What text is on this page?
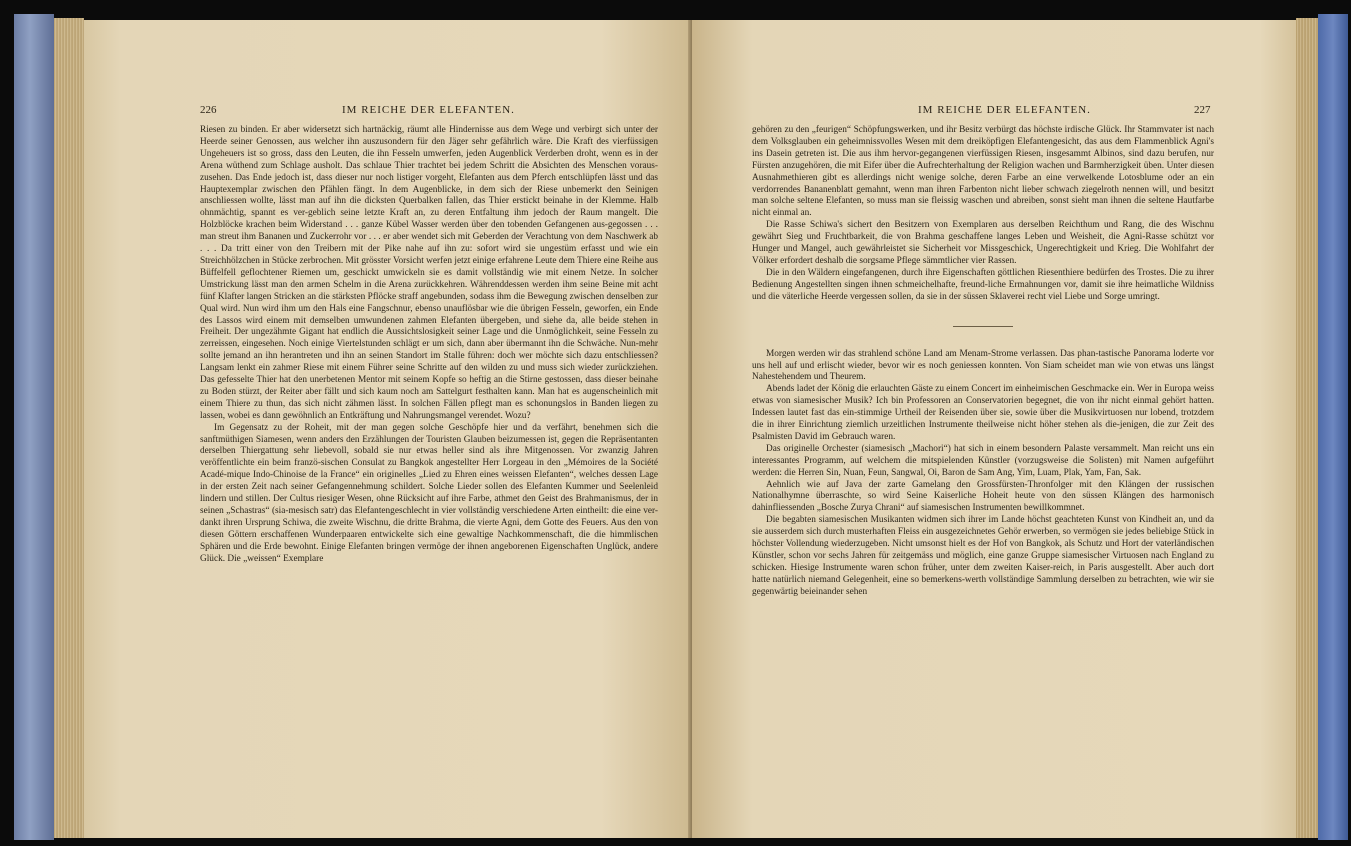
226	IM REICHE DER ELEFANTEN.

Riesen zu binden. Er aber widersetzt sich hartnäckig, räumt alle Hindernisse aus dem Wege und verbirgt sich unter der Heerde seiner Genossen, aus welcher ihn auszusondern für den Jäger sehr gefährlich wäre. Die Kraft des vierfüssigen Ungeheuers ist so gross, dass den Leuten, die ihn Fesseln umwerfen, jeden Augenblick Verderben droht, wenn es in der Arena wüthend zum Schlage ausholt. Das schlaue Thier trachtet bei jedem Schritt die Absichten des Menschen voraus-zusehen. Das Ende jedoch ist, dass dieser nur noch listiger vorgeht, Elefanten aus dem Pferch entschlüpfen lässt und das Hauptexemplar zwischen den Pfählen fängt. In dem Augenblicke, in dem sich der Riese unbemerkt den Seinigen anschliessen wollte, lässt man auf ihn die dicksten Querbalken fallen, das Thier erstickt beinahe in der Klemme. Halb ohnmächtig, spannt es ver-geblich seine letzte Kraft an, zu deren Entfaltung ihm jedoch der Raum mangelt. Die Holzblöcke krachen beim Widerstand . . . ganze Kübel Wasser werden über den tobenden Gefangenen aus-gegossen . . . man streut ihm Bananen und Zuckerrohr vor . . . er aber wendet sich mit Geberden der Verachtung von dem Naschwerk ab . . . Da tritt einer von den Treibern mit der Pike nahe auf ihn zu: sofort wird sie ungestüm erfasst und wie ein Streichhölzchen in Stücke zerbrochen. Mit grösster Vorsicht werfen jetzt einige erfahrene Leute dem Thiere eine Reihe aus Büffelfell geflochtener Riemen um, geschickt umwickeln sie es damit vollständig wie mit einem Netze. In solcher Umstrickung lässt man den armen Schelm in die Arena zurückkehren. Währenddessen werden ihm seine Beine mit acht fünf Klafter langen Stricken an die stärksten Pflöcke straff angebunden, sodass ihm die Bewegung zwischen denselben zur Qual wird. Nun wird ihm um den Hals eine Fangschnur, ebenso unauflösbar wie die übrigen Fesseln, geworfen, ein Ende des Lassos wird einem mit demselben umwundenen zahmen Elefanten übergeben, und siehe da, alle beide stehen in Freiheit. Der ungezähmte Gigant hat endlich die Aussichtslosigkeit seiner Lage und die Unmöglichkeit, seine Fesseln zu zerreissen, eingesehen. Noch einige Viertelstunden schlägt er um sich, dann aber übermannt ihn die Schwäche. Nun-mehr sollte jemand an ihn herantreten und ihn an seinen Standort im Stalle führen: doch wer möchte sich dazu entschliessen? Langsam lenkt ein zahmer Riese mit einem Führer seine Schritte auf den wilden zu und muss sich wieder zurückziehen. Das gefesselte Thier hat den unerbetenen Mentor mit seinem Kopfe so heftig an die Stirne gestossen, dass dieser beinahe zu Boden stürzt, der Reiter aber fällt und sich kaum noch am Sattelgurt festhalten kann. Man hat es augenscheinlich mit einem Thiere zu thun, das sich nicht zähmen lässt. In solchen Fällen pflegt man es schonungslos in Banden liegen zu lassen, wobei es dann gewöhnlich an Entkräftung und Nahrungsmangel verendet. Wozu?

Im Gegensatz zu der Roheit, mit der man gegen solche Geschöpfe hier und da verfährt, benehmen sich die sanftmüthigen Siamesen, wenn anders den Erzählungen der Touristen Glauben beizumessen ist, gegen die Repräsentanten derselben Thiergattung sehr liebevoll, sobald sie nur etwas heller sind als ihre Mitgenossen. Vor zwanzig Jahren veröffentlichte ein beim franzö-sischen Consulat zu Bangkok angestellter Herr Lorgeau in den „Mémoires de la Société Acadé-mique Indo-Chinoise de la France“ ein originelles „Lied zu Ehren eines weissen Elefanten“, welches dessen Lage in der ersten Zeit nach seiner Gefangennehmung schildert. Solche Lieder sollen des Elefanten Kummer und Seelenleid lindern und stillen. Der Cultus riesiger Wesen, ohne Rücksicht auf ihre Farbe, athmet den Geist des Brahmanismus, der in seinen „Schastras“ (sia-mesisch satr) das Elefantengeschlecht in vier vollständig verschiedene Arten eintheilt: die eine ver-dankt ihren Ursprung Schiwa, die zweite Wischnu, die dritte Brahma, die vierte Agni, dem Gotte des Feuers. Aus den von diesen Göttern erschaffenen Wunderpaaren entwickelte sich eine gewaltige Nachkommenschaft, die die himmlischen Sphären und die Erde bewohnt. Einige Elefanten bringen vermöge der ihnen angeborenen Eigenschaften Unglück, andere Glück. Die „weissen“ Exemplare

IM REICHE DER ELEFANTEN.	227

gehören zu den „feurigen“ Schöpfungswerken, und ihr Besitz verbürgt das höchste irdische Glück. Ihr Stammvater ist nach dem Volksglauben ein geheimnissvolles Wesen mit dem dreiköpfigen Elefantengesicht, das aus dem Flammenblick Agni's ins Dasein getreten ist. Die aus ihm hervor-gegangenen vierfüssigen Riesen, insgesammt Albinos, sind dazu berufen, nur Fürsten anzugehören, die mit Eifer über die Aufrechterhaltung der Religion wachen und Barmherzigkeit üben. Unter diesen Ausnahmethieren gibt es allerdings nicht wenige solche, deren Farbe an eine verwelkende Lotosblume oder an ein verdorrendes Bananenblatt gemahnt, wenn man ihren Farbenton nicht lieber schwach ziegelroth nennen will, und besitzt man solche seltene Elefanten, so muss man sie fleissig waschen und abreiben, sonst sieht man ihnen die seltene Hautfarbe nicht einmal an.

Die Rasse Schiwa's sichert den Besitzern von Exemplaren aus derselben Reichthum und Rang, die des Wischnu gewährt Sieg und Fruchtbarkeit, die von Brahma geschaffene langes Leben und Weisheit, die Agni-Rasse schützt vor Hunger und Mangel, auch gewährleistet sie Sicherheit vor Missgeschick, Ungerechtigkeit und Krieg. Die Wohlfahrt der Völker erfordert deshalb die sorgsame Pflege sämmtlicher vier Rassen.

Die in den Wäldern eingefangenen, durch ihre Eigenschaften göttlichen Riesenthiere bedürfen des Trostes. Die zu ihrer Bedienung Angestellten singen ihnen schmeichelhafte, freund-liche Ermahnungen vor, damit sie ihre heimatliche Wildniss und die väterliche Heerde vergessen sollen, da sie in der süssen Sklaverei recht viel Liebe und Sorge umringt.

Morgen werden wir das strahlend schöne Land am Menam-Strome verlassen. Das phan-tastische Panorama loderte vor uns hell auf und erlischt wieder, bevor wir es noch geniessen konnten. Von Siam scheidet man wie von etwas uns längst Nahestehendem und Theurem.

Abends ladet der König die erlauchten Gäste zu einem Concert im einheimischen Geschmacke ein. Wer in Europa weiss etwas von siamesischer Musik? Ich bin Professoren an Conservatorien begegnet, die von ihr nicht einmal gehört hatten. Indessen lautet fast das ein-stimmige Urtheil der Reisenden über sie, sowie über die Musikvirtuosen nur lobend, trotzdem die in ihrer Einrichtung ziemlich urzeitlichen Instrumente theilweise nicht höher stehen als die-jenigen, die zur Zeit des Psalmisten David im Gebrauch waren.

Das originelle Orchester (siamesisch „Machori“) hat sich in einem besondern Palaste versammelt. Man reicht uns ein interessantes Programm, auf welchem die mitspielenden Künstler (vorzugsweise die Solisten) mit Namen aufgeführt werden: die Herren Sin, Nuan, Feun, Sangwal, Oi, Baron de Sam Ang, Yim, Luam, Plak, Yam, Fan, Sak.

Aehnlich wie auf Java der zarte Gamelang den Grossfürsten-Thronfolger mit den Klängen der russischen Nationalhymne überraschte, so wird Seine Kaiserliche Hoheit heute von den süssen Klängen des harmonisch dahinfliessenden „Bosche Zurya Chrani“ auf siamesischen Instrumenten bewillkommnet.

Die begabten siamesischen Musikanten widmen sich ihrer im Lande höchst geachteten Kunst von Kindheit an, und da sie ausserdem sich durch musterhaften Fleiss ein ausgezeichnetes Gehör erwerben, so vermögen sie jedes beliebige Stück in höchster Vollendung wiederzugeben. Nicht umsonst hielt es der Hof von Bangkok, als Schutz und Hort der vaterländischen Künstler, schon vor sechs Jahren für zeitgemäss und möglich, eine ganze Gruppe siamesischer Virtuosen nach England zu schicken. Hiesige Instrumente waren schon früher, unter dem zweiten Kaiser-reich, in Paris ausgestellt. Aber auch dort hatte natürlich niemand Gelegenheit, eine so bemerkens-werth vollständige Sammlung derselben zu betrachten, wie wir sie gegenwärtig beieinander sehen
